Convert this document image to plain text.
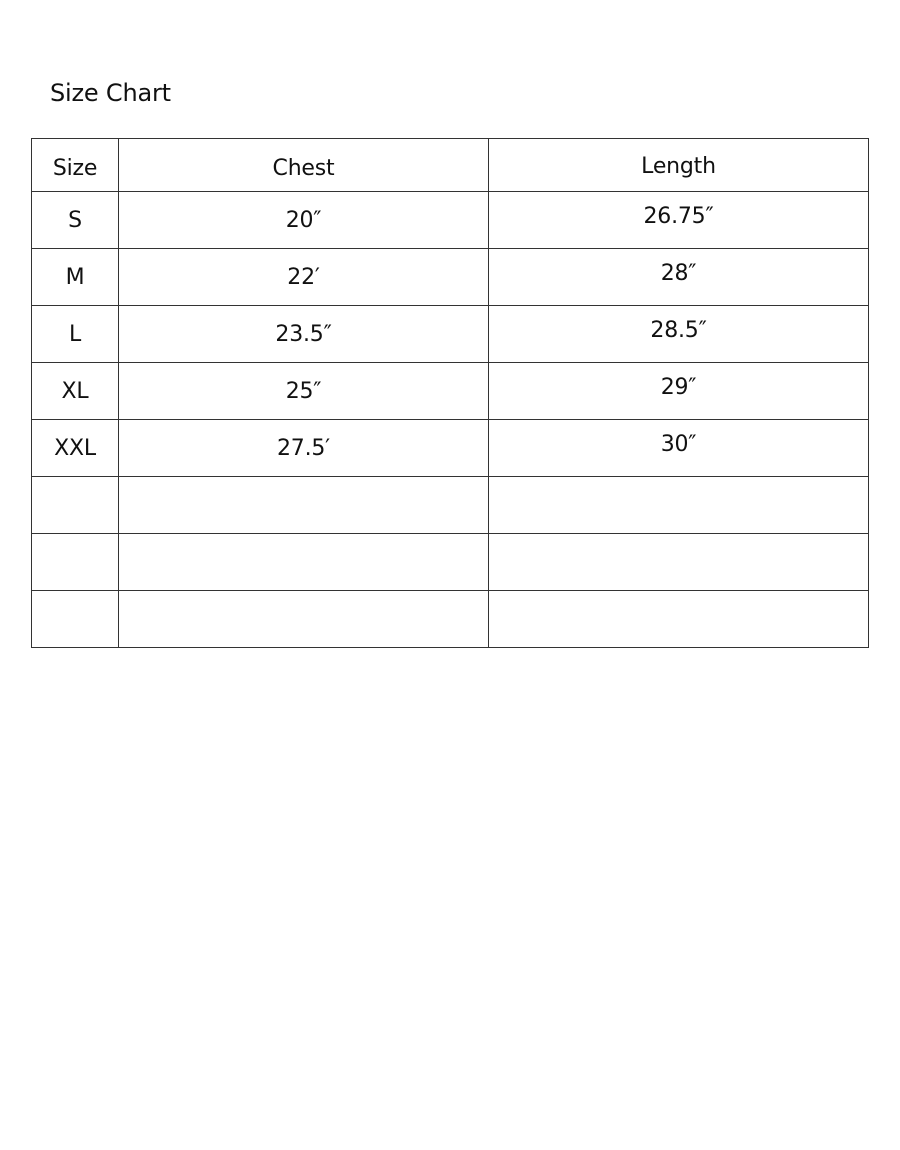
Size Chart
Size	Chest	Length
S	20″	26.75″
M	22′	28″
L	23.5″	28.5″
XL	25″	29″
XXL	27.5′	30″
